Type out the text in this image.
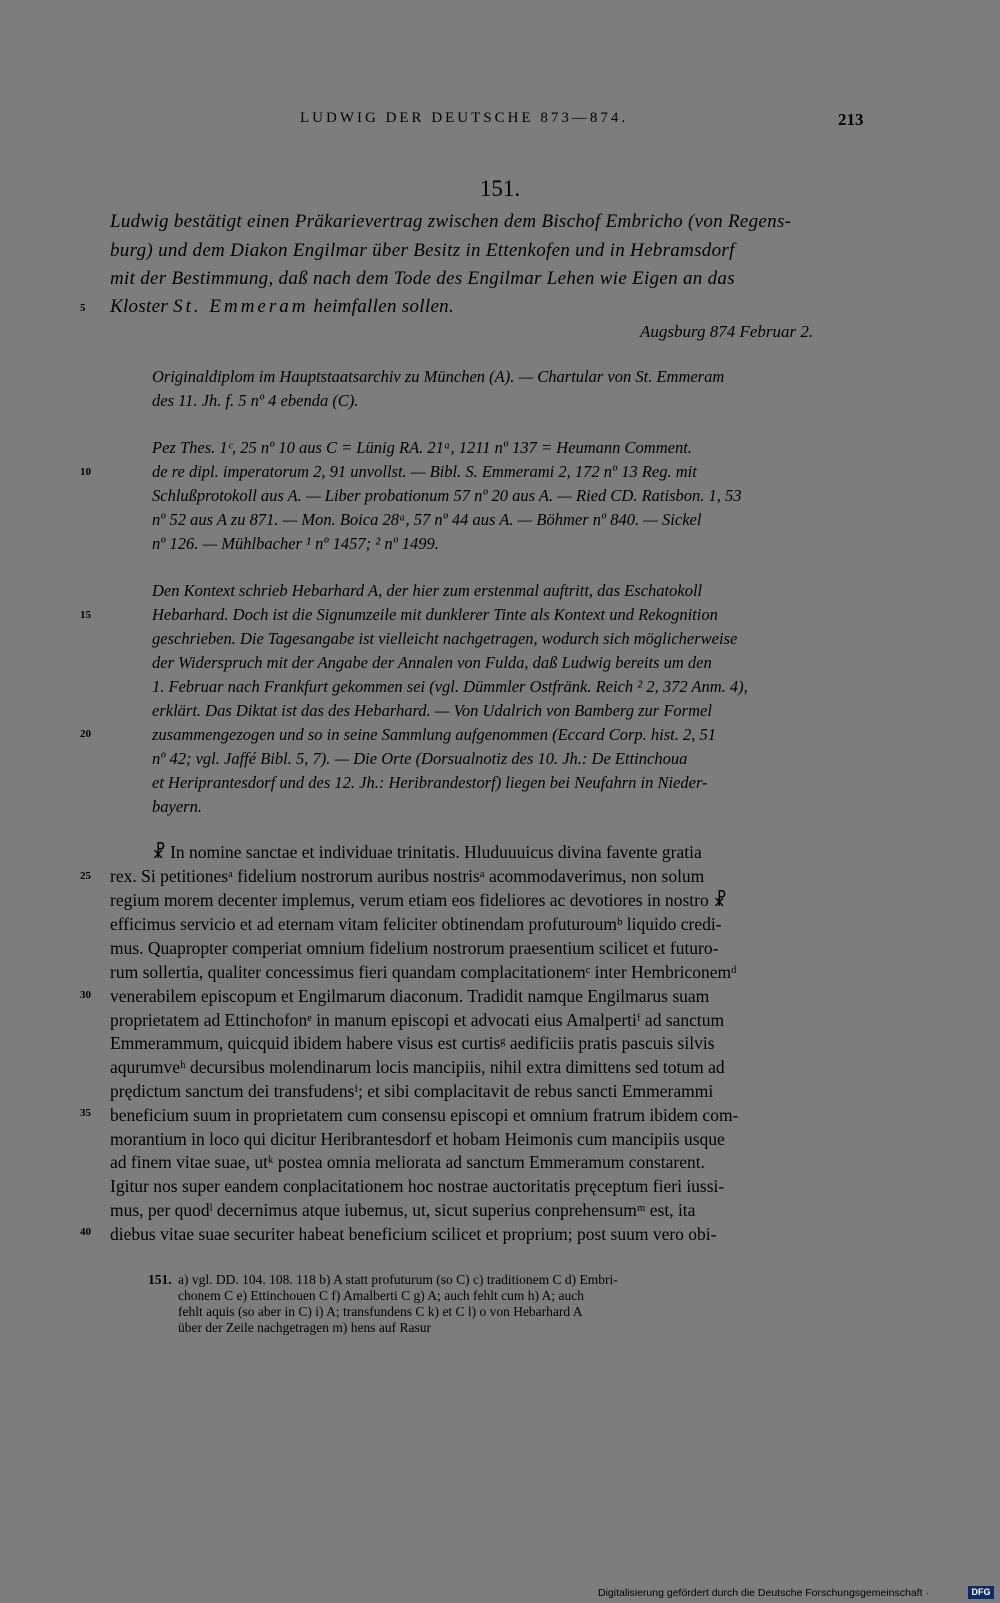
LUDWIG DER DEUTSCHE 873—874.	213
151.
Ludwig bestätigt einen Präkarievertrag zwischen dem Bischof Embricho (von Regens-
burg) und dem Diakon Engilmar über Besitz in Ettenkofen und in Hebramsdorf
mit der Bestimmung, daß nach dem Tode des Engilmar Lehen wie Eigen an das
Kloster St. Emmeram heimfallen sollen.
Augsburg 874 Februar 2.
5
10
15
20
25
30
35
40
Originaldiplom im Hauptstaatsarchiv zu München (A). — Chartular von St. Emmeram
des 11. Jh. f. 5 nº 4 ebenda (C).
Pez Thes. 1ᶜ, 25 nº 10 aus C = Lünig RA. 21ᵃ, 1211 nº 137 = Heumann Comment.
de re dipl. imperatorum 2, 91 unvollst. — Bibl. S. Emmerami 2, 172 nº 13 Reg. mit
Schlußprotokoll aus A. — Liber probationum 57 nº 20 aus A. — Ried CD. Ratisbon. 1, 53
nº 52 aus A zu 871. — Mon. Boica 28ᵃ, 57 nº 44 aus A. — Böhmer nº 840. — Sickel
nº 126. — Mühlbacher ¹ nº 1457; ² nº 1499.
Den Kontext schrieb Hebarhard A, der hier zum erstenmal auftritt, das Eschatokoll
Hebarhard. Doch ist die Signumzeile mit dunklerer Tinte als Kontext und Rekognition
geschrieben. Die Tagesangabe ist vielleicht nachgetragen, wodurch sich möglicherweise
der Widerspruch mit der Angabe der Annalen von Fulda, daß Ludwig bereits um den
1. Februar nach Frankfurt gekommen sei (vgl. Dümmler Ostfränk. Reich ² 2, 372 Anm. 4),
erklärt. Das Diktat ist das des Hebarhard. — Von Udalrich von Bamberg zur Formel
zusammengezogen und so in seine Sammlung aufgenommen (Eccard Corp. hist. 2, 51
nº 42; vgl. Jaffé Bibl. 5, 7). — Die Orte (Dorsualnotiz des 10. Jh.: De Ettinchoua
et Heriprantesdorf und des 12. Jh.: Heribrandestorf) liegen bei Neufahrn in Nieder-
bayern.
☧ In nomine sanctae et individuae trinitatis. Hluduuuicus divina favente gratia
rex. Si petitionesᵃ fidelium nostrorum auribus nostrisᵃ acommodaverimus, non solum
regium morem decenter implemus, verum etiam eos fideliores ac devotiores in nostro ☧
efficimus servicio et ad eternam vitam feliciter obtinendam profuturoumᵇ liquido credi-
mus. Quapropter comperiat omnium fidelium nostrorum praesentium scilicet et futuro-
rum sollertia, qualiter concessimus fieri quandam complacitationemᶜ inter Hembriconemᵈ
venerabilem episcopum et Engilmarum diaconum. Tradidit namque Engilmarus suam
proprietatem ad Ettinchofonᵉ in manum episcopi et advocati eius Amalpertiᶠ ad sanctum
Emmerammum, quicquid ibidem habere visus est curtisᵍ aedificiis pratis pascuis silvis
aqurumveʰ decursibus molendinarum locis mancipiis, nihil extra dimittens sed totum ad
prędictum sanctum dei transfudensⁱ; et sibi complacitavit de rebus sancti Emmerammi
beneficium suum in proprietatem cum consensu episcopi et omnium fratrum ibidem com-
morantium in loco qui dicitur Heribrantesdorf et hobam Heimonis cum mancipiis usque
ad finem vitae suae, utᵏ postea omnia meliorata ad sanctum Emmeramum constarent.
Igitur nos super eandem conplacitationem hoc nostrae auctoritatis pręceptum fieri iussi-
mus, per quodˡ decernimus atque iubemus, ut, sicut superius conprehensumᵐ est, ita
diebus vitae suae securiter habeat beneficium scilicet et proprium; post suum vero obi-
151. a) vgl. DD. 104. 108. 118 b) A statt profuturum (so C) c) traditionem C d) Embri-
chonem C e) Ettinchouen C f) Amalberti C g) A; auch fehlt cum h) A; auch
fehlt aquis (so aber in C) i) A; transfundens C k) et C l) o von Hebarhard A
über der Zeile nachgetragen m) hens auf Rasur
Digitalisierung gefördert durch die Deutsche Forschungsgemeinschaft ·	DFG
